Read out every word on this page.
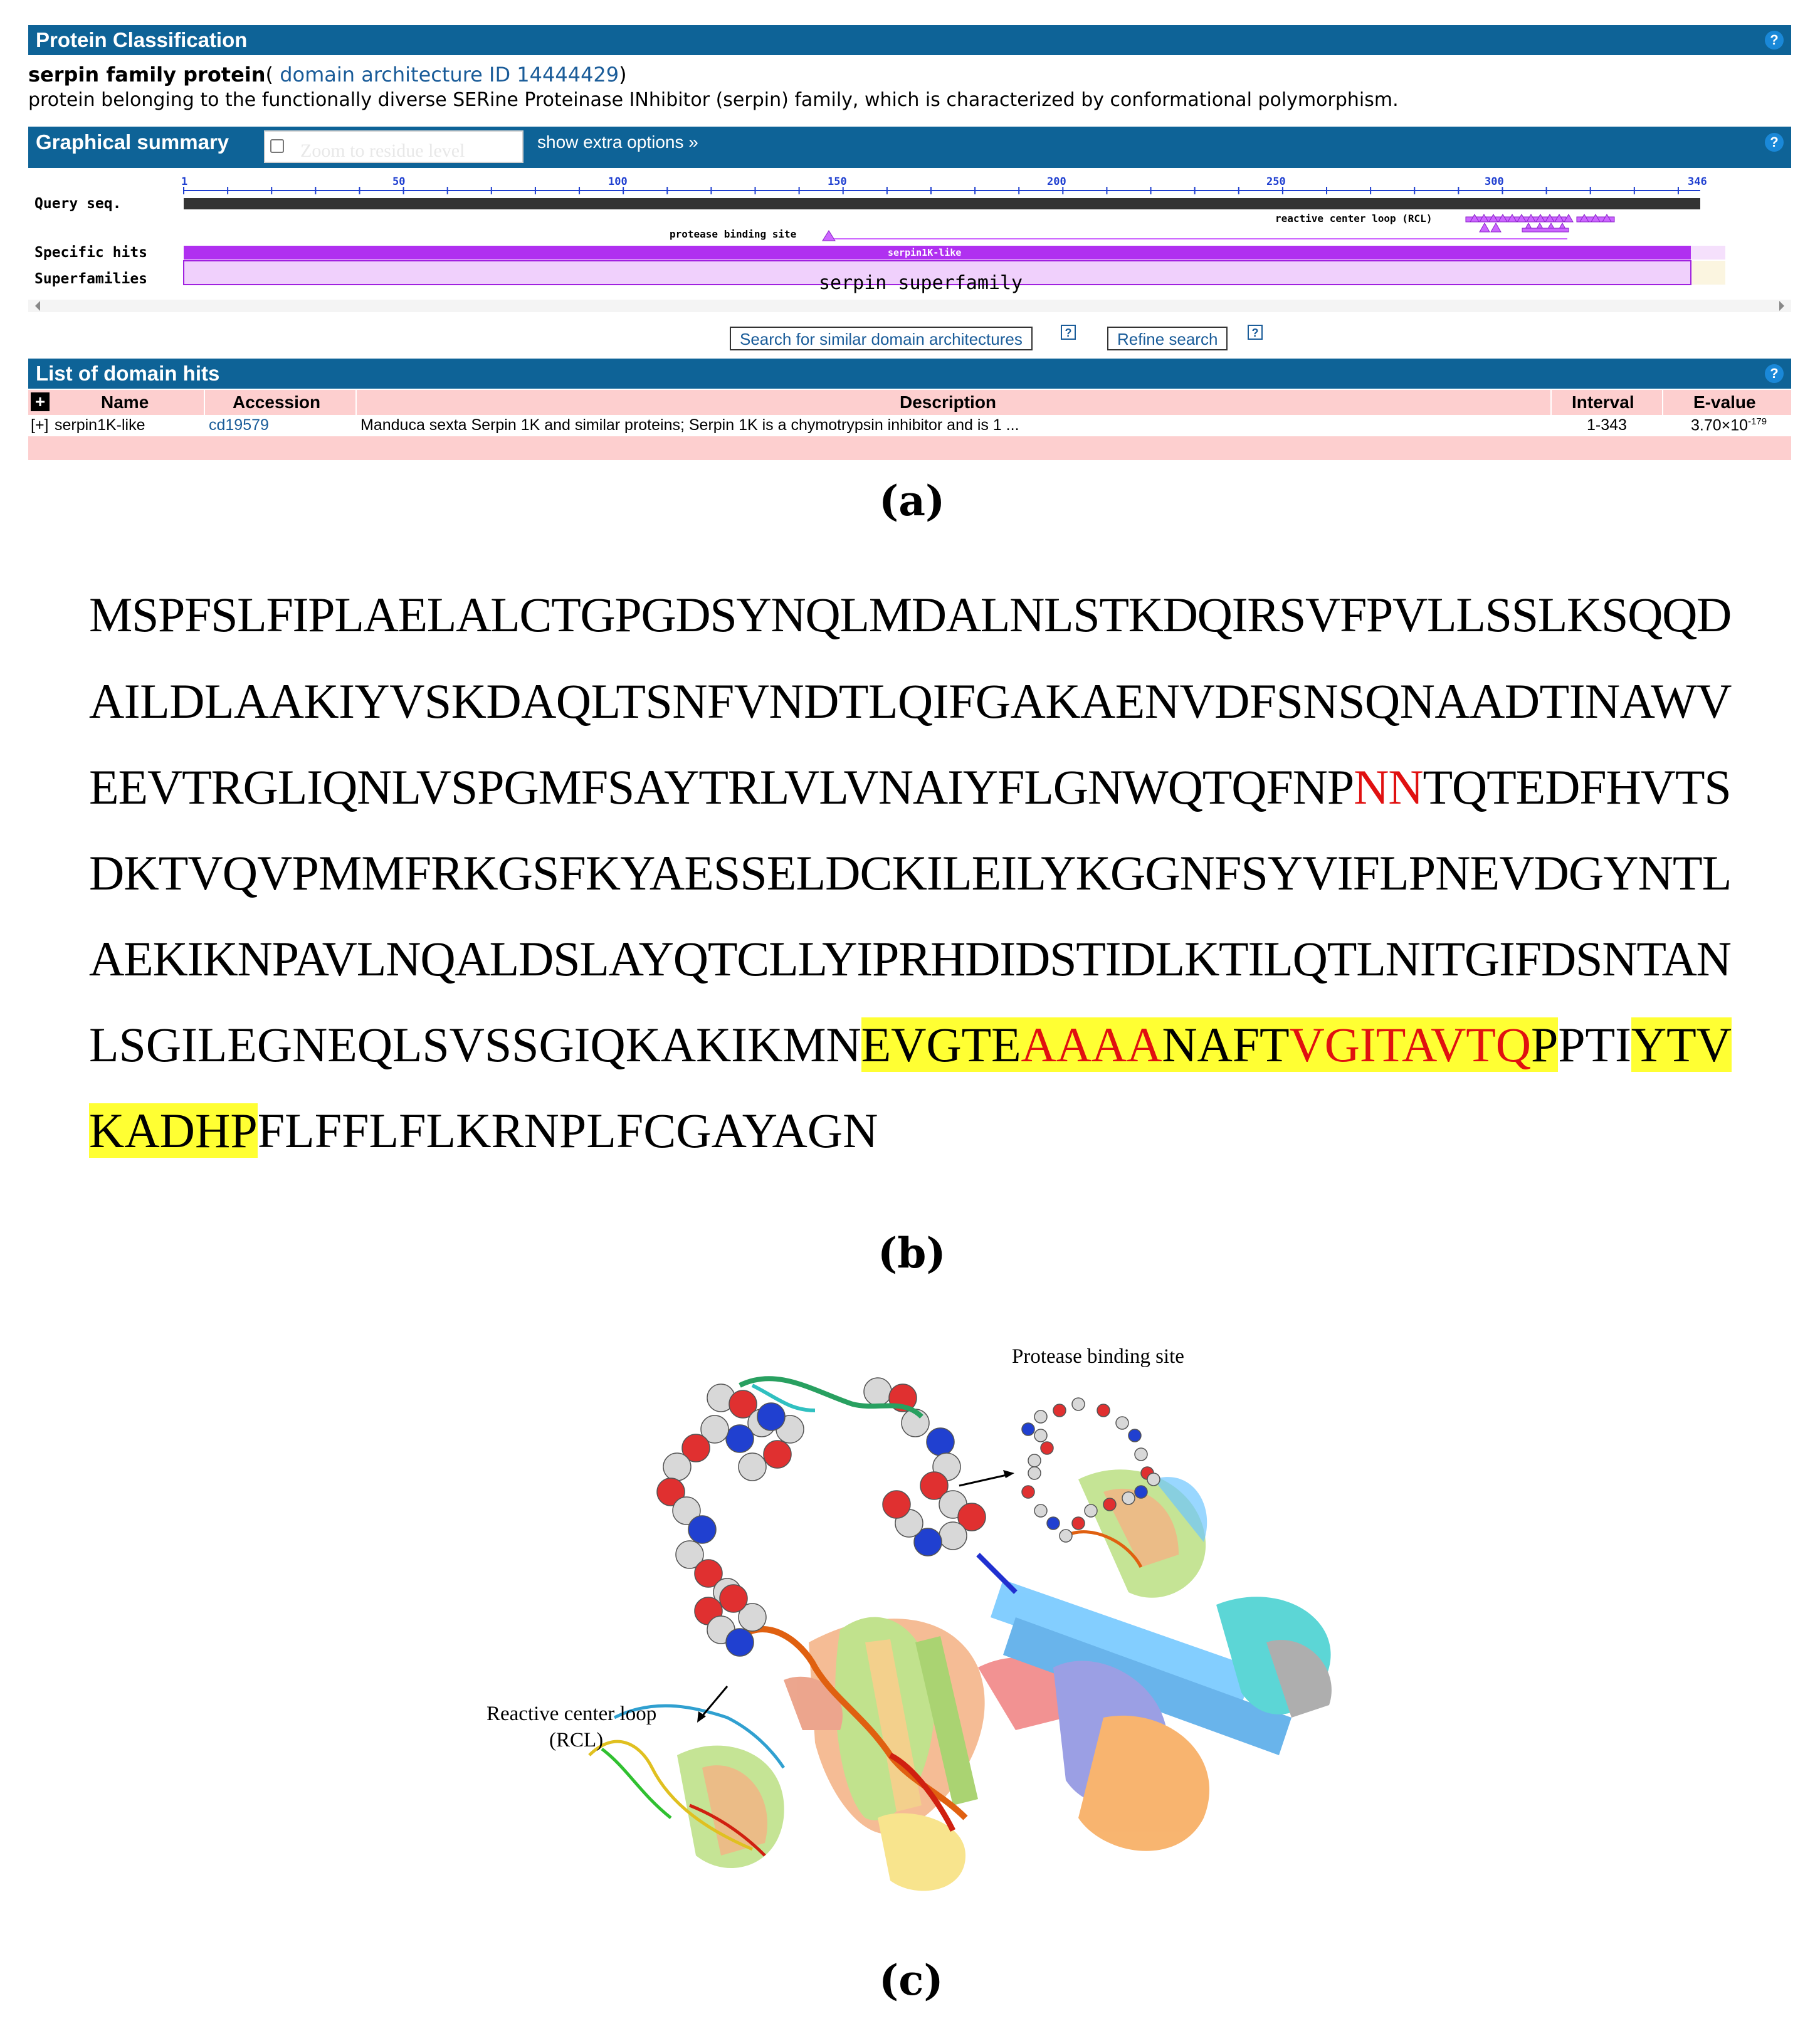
Protein Classification	?
serpin family protein( domain architecture ID 14444429)
protein belonging to the functionally diverse SERine Proteinase INhibitor (serpin) family, which is characterized by conformational polymorphism.
Graphical summary	Zoom to residue level	show extra options »	?
Query seq.
Specific hits
Superfamilies
1	50	100	150	200	250	300	346
reactive center loop (RCL)
protease binding site
serpin1K-like
serpin superfamily
Search for similar domain architectures	?	Refine search	?
List of domain hits	?
+	Name	Accession	Description	Interval	E-value
[+] serpin1K-like	cd19579	Manduca sexta Serpin 1K and similar proteins; Serpin 1K is a chymotrypsin inhibitor and is 1 ...	1-343	$3.70\times 10^{-179}$
(a)
MSPFSLFIPLAELALCTGPGDSYNQLMDALNLSTKDQIRSVFPVLLSSLKSQQD
AILDLAAKIYVSKDAQLTSNFVNDTLQIFGAKAENVDFSNSQNAADTINAWV
EEVTRGLIQNLVSPGMFSAYTRLVLVNAIYFLGNWQTQFNPNNTQTEDFHVTS
DKTVQVPMMFRKGSFKYAESSELDCKILEILYKGGNFSYVIFLPNEVDGYNTL
AEKIKNPAVLNQALDSLAYQTCLLYIPRHDIDSTIDLKTILQTLNITGIFDSNTAN
LSGILEGNEQLSVSSGIQKAKIKMNEVGTEAAAANAFTVGITAVTQPPTIYTV
KADHPFLFFLFLKRNPLFCGAYAGN
(b)
Protease binding site
Reactive center loop
(RCL)
(c)
